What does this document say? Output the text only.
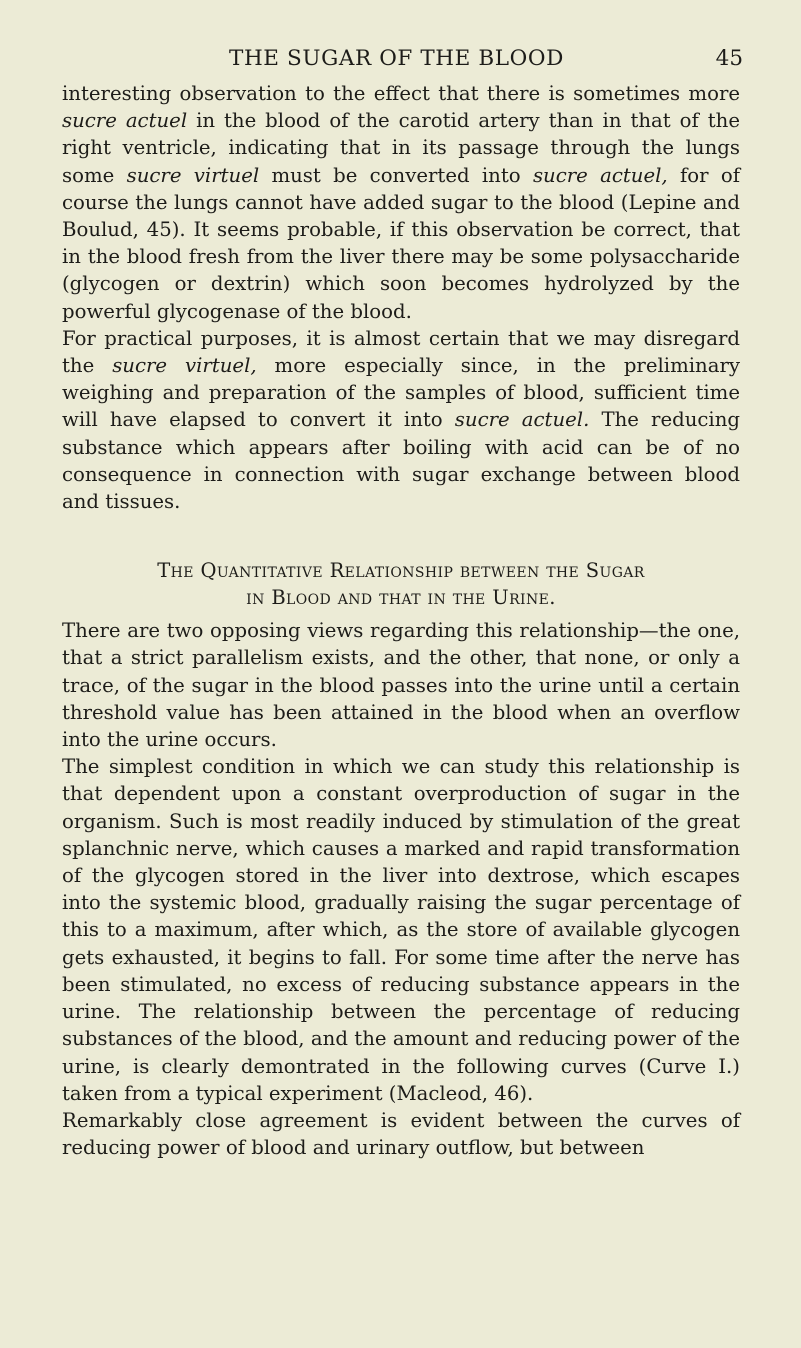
THE SUGAR OF THE BLOOD	45

interesting observation to the effect that there is sometimes more sucre actuel in the blood of the carotid artery than in that of the right ventricle, indicating that in its passage through the lungs some sucre virtuel must be converted into sucre actuel, for of course the lungs cannot have added sugar to the blood (Lepine and Boulud, 45). It seems probable, if this observation be correct, that in the blood fresh from the liver there may be some polysaccharide (glycogen or dextrin) which soon becomes hydrolyzed by the powerful glycogenase of the blood.

For practical purposes, it is almost certain that we may disregard the sucre virtuel, more especially since, in the preliminary weighing and preparation of the samples of blood, sufficient time will have elapsed to convert it into sucre actuel. The reducing substance which appears after boiling with acid can be of no consequence in connection with sugar exchange between blood and tissues.

The Quantitative Relationship between the Sugar
in Blood and that in the Urine.

There are two opposing views regarding this relationship—the one, that a strict parallelism exists, and the other, that none, or only a trace, of the sugar in the blood passes into the urine until a certain threshold value has been attained in the blood when an overflow into the urine occurs.

The simplest condition in which we can study this relationship is that dependent upon a constant overproduction of sugar in the organism. Such is most readily induced by stimulation of the great splanchnic nerve, which causes a marked and rapid transformation of the glycogen stored in the liver into dextrose, which escapes into the systemic blood, gradually raising the sugar percentage of this to a maximum, after which, as the store of available glycogen gets exhausted, it begins to fall. For some time after the nerve has been stimulated, no excess of reducing substance appears in the urine. The relationship between the percentage of reducing substances of the blood, and the amount and reducing power of the urine, is clearly demontrated in the following curves (Curve I.) taken from a typical experiment (Macleod, 46).

Remarkably close agreement is evident between the curves of reducing power of blood and urinary outflow, but between
